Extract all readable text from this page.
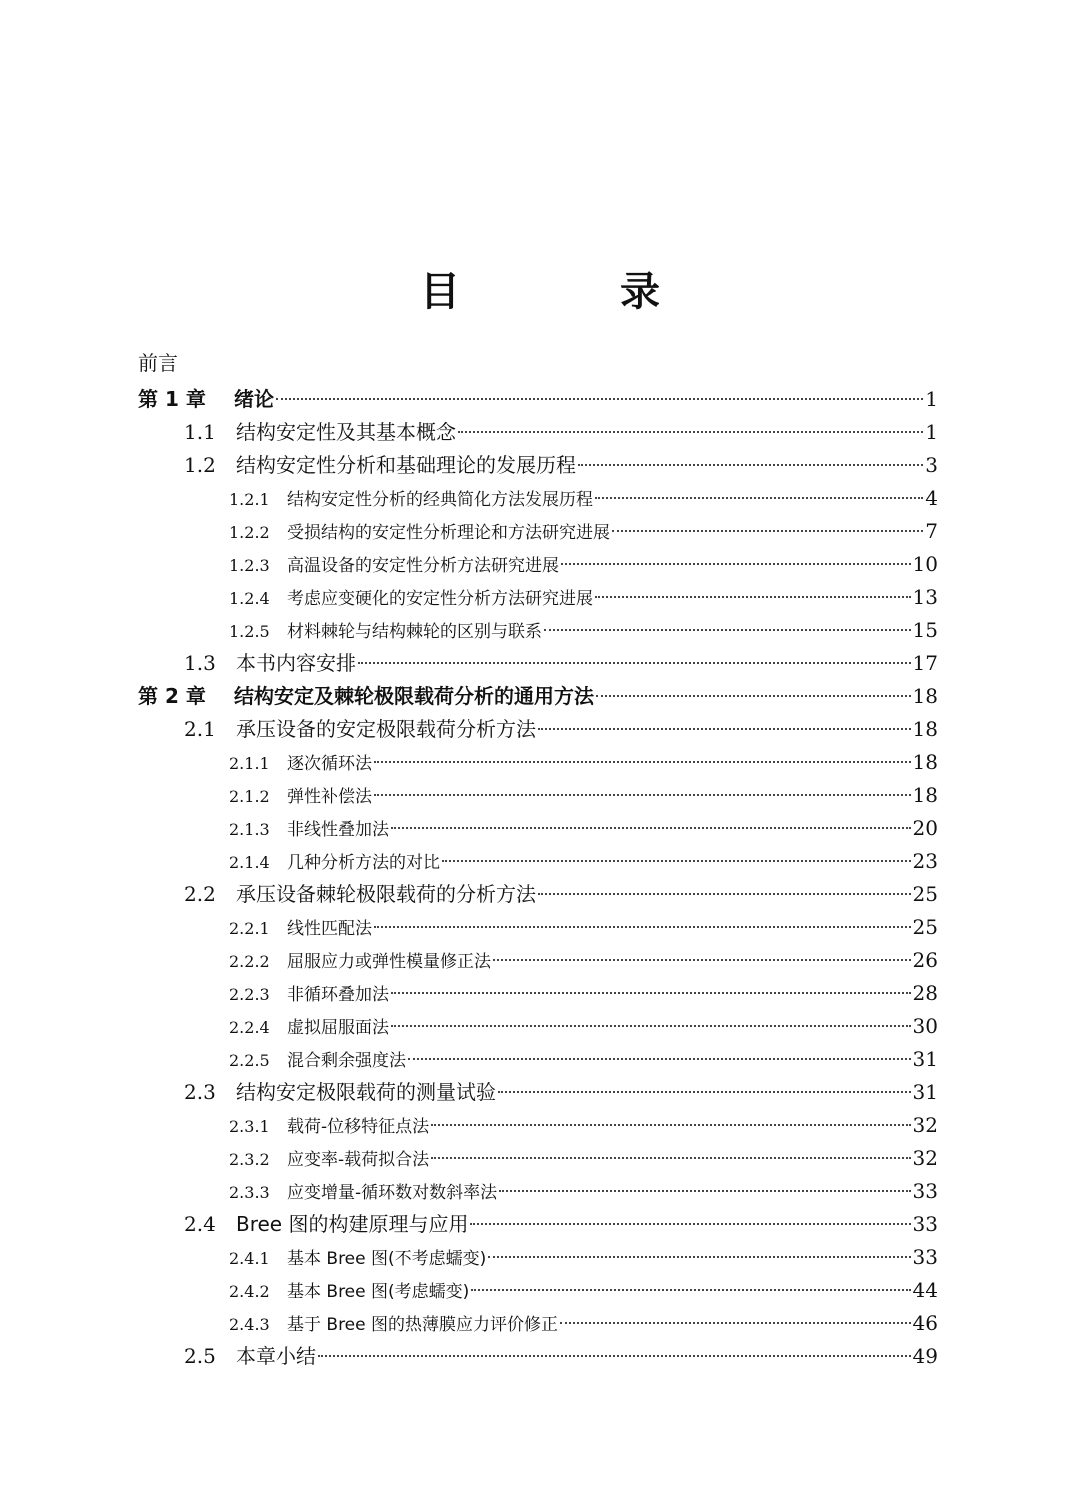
目　录
前言
第 1 章	绪论	1
1.1	结构安定性及其基本概念	1
1.2	结构安定性分析和基础理论的发展历程	3
1.2.1	结构安定性分析的经典简化方法发展历程	4
1.2.2	受损结构的安定性分析理论和方法研究进展	7
1.2.3	高温设备的安定性分析方法研究进展	10
1.2.4	考虑应变硬化的安定性分析方法研究进展	13
1.2.5	材料棘轮与结构棘轮的区别与联系	15
1.3	本书内容安排	17
第 2 章	结构安定及棘轮极限载荷分析的通用方法	18
2.1	承压设备的安定极限载荷分析方法	18
2.1.1	逐次循环法	18
2.1.2	弹性补偿法	18
2.1.3	非线性叠加法	20
2.1.4	几种分析方法的对比	23
2.2	承压设备棘轮极限载荷的分析方法	25
2.2.1	线性匹配法	25
2.2.2	屈服应力或弹性模量修正法	26
2.2.3	非循环叠加法	28
2.2.4	虚拟屈服面法	30
2.2.5	混合剩余强度法	31
2.3	结构安定极限载荷的测量试验	31
2.3.1	载荷-位移特征点法	32
2.3.2	应变率-载荷拟合法	32
2.3.3	应变增量-循环数对数斜率法	33
2.4	Bree 图的构建原理与应用	33
2.4.1	基本 Bree 图(不考虑蠕变)	33
2.4.2	基本 Bree 图(考虑蠕变)	44
2.4.3	基于 Bree 图的热薄膜应力评价修正	46
2.5	本章小结	49
